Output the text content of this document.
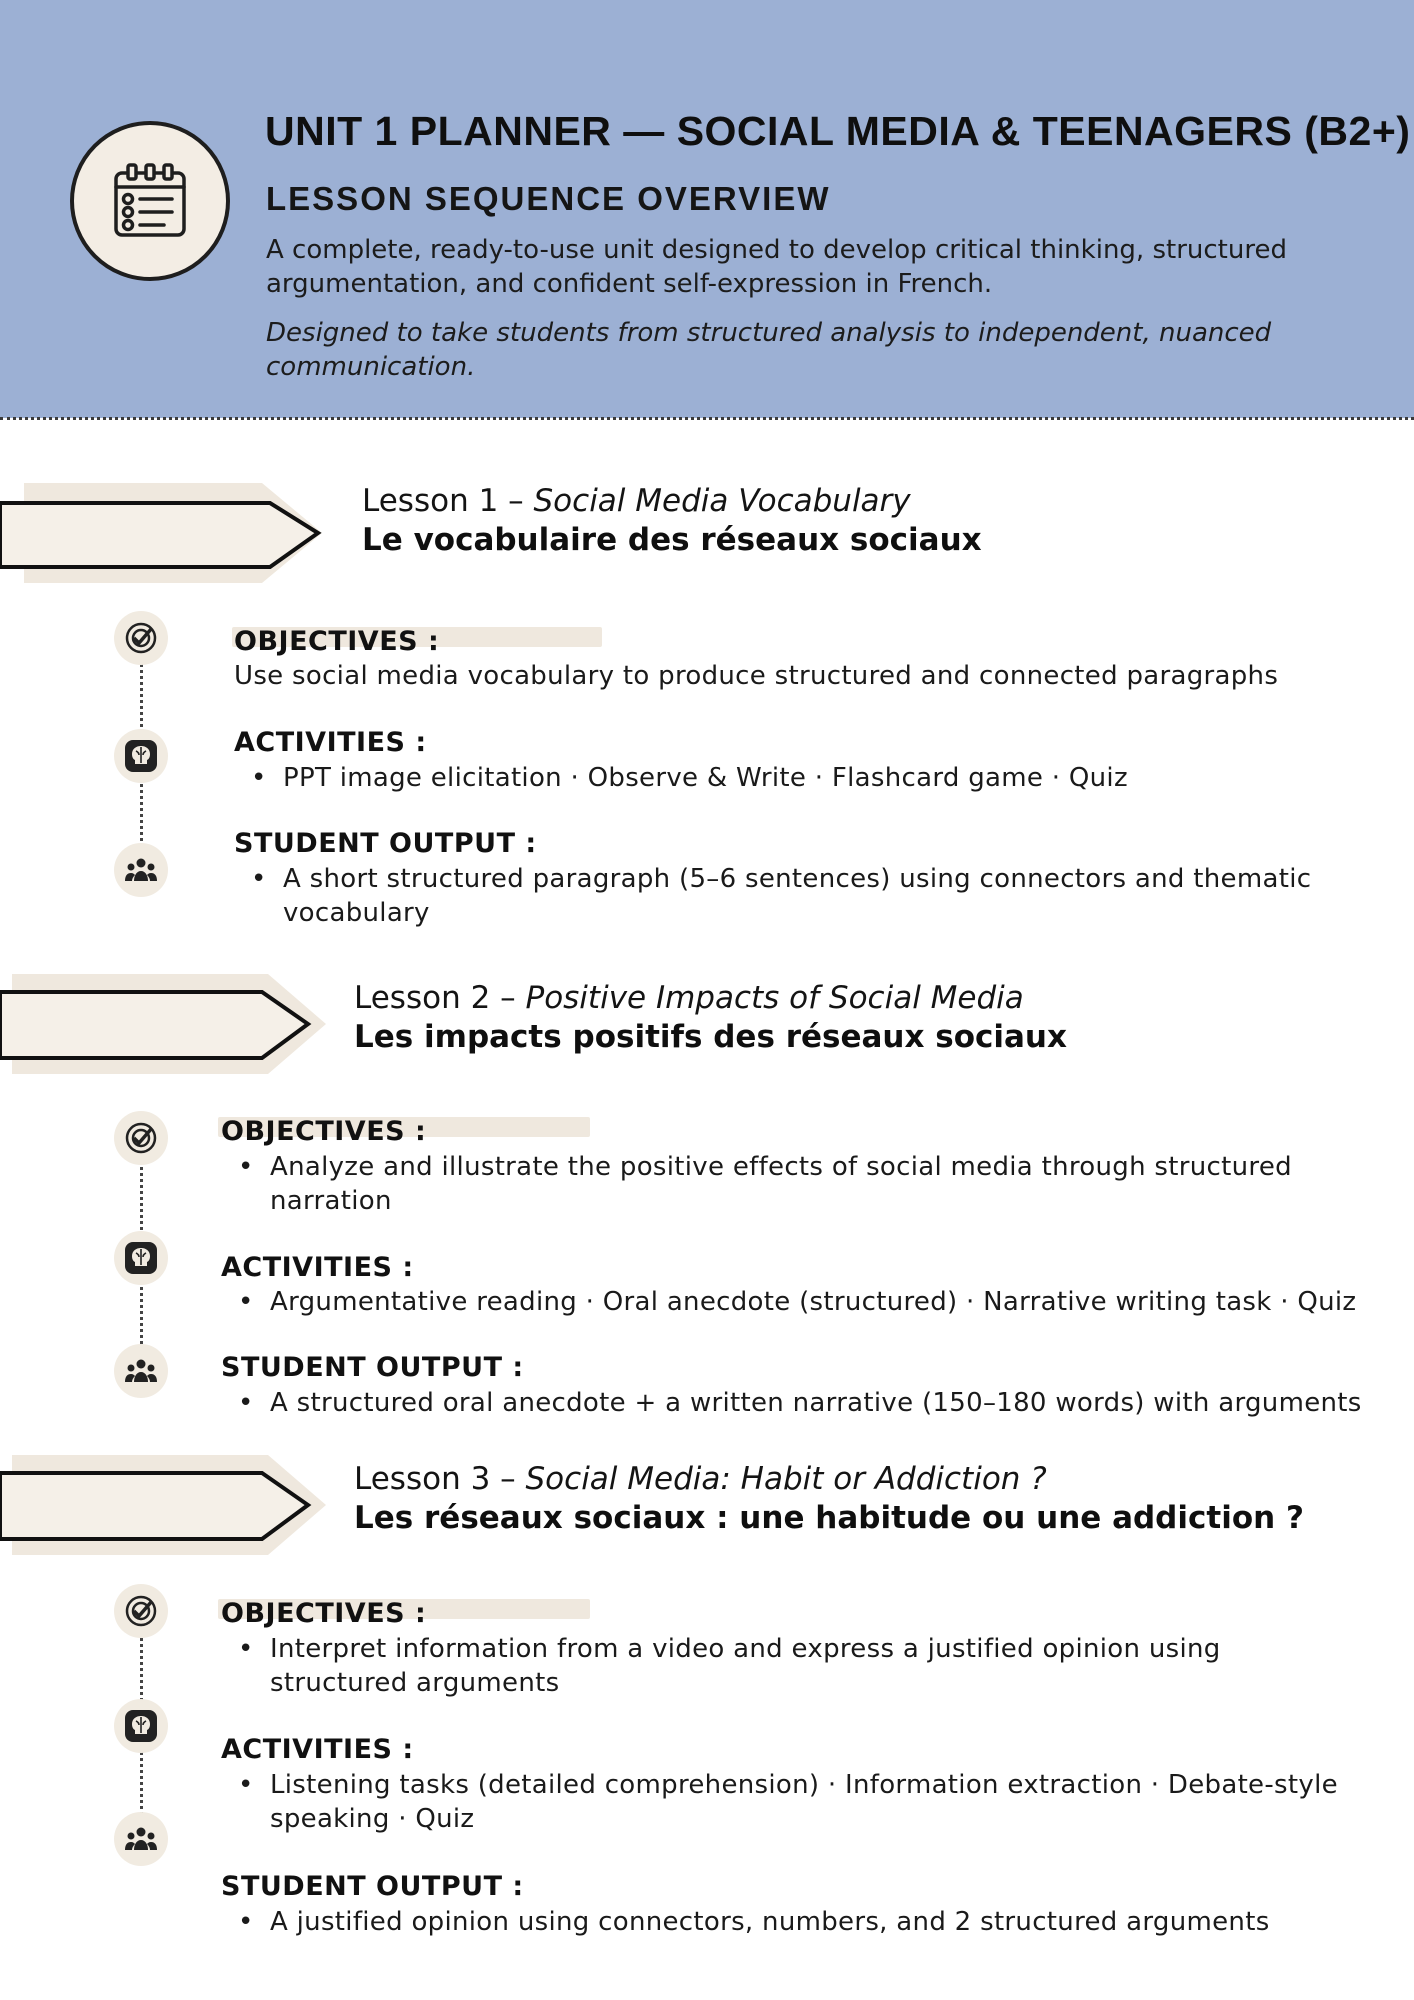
UNIT 1 PLANNER — SOCIAL MEDIA & TEENAGERS (B2+)
LESSON SEQUENCE OVERVIEW
A complete, ready-to-use unit designed to develop critical thinking, structured argumentation, and confident self-expression in French.
Designed to take students from structured analysis to independent, nuanced communication.
Lesson 1 – Social Media Vocabulary
Le vocabulaire des réseaux sociaux
OBJECTIVES :
Use social media vocabulary to produce structured and connected paragraphs
ACTIVITIES :
• PPT image elicitation · Observe & Write · Flashcard game · Quiz
STUDENT OUTPUT :
• A short structured paragraph (5–6 sentences) using connectors and thematic vocabulary
Lesson 2 – Positive Impacts of Social Media
Les impacts positifs des réseaux sociaux
OBJECTIVES :
• Analyze and illustrate the positive effects of social media through structured narration
ACTIVITIES :
• Argumentative reading · Oral anecdote (structured) · Narrative writing task · Quiz
STUDENT OUTPUT :
• A structured oral anecdote + a written narrative (150–180 words) with arguments
Lesson 3 – Social Media: Habit or Addiction ?
Les réseaux sociaux : une habitude ou une addiction ?
OBJECTIVES :
• Interpret information from a video and express a justified opinion using structured arguments
ACTIVITIES :
• Listening tasks (detailed comprehension) · Information extraction · Debate-style speaking · Quiz
STUDENT OUTPUT :
• A justified opinion using connectors, numbers, and 2 structured arguments
